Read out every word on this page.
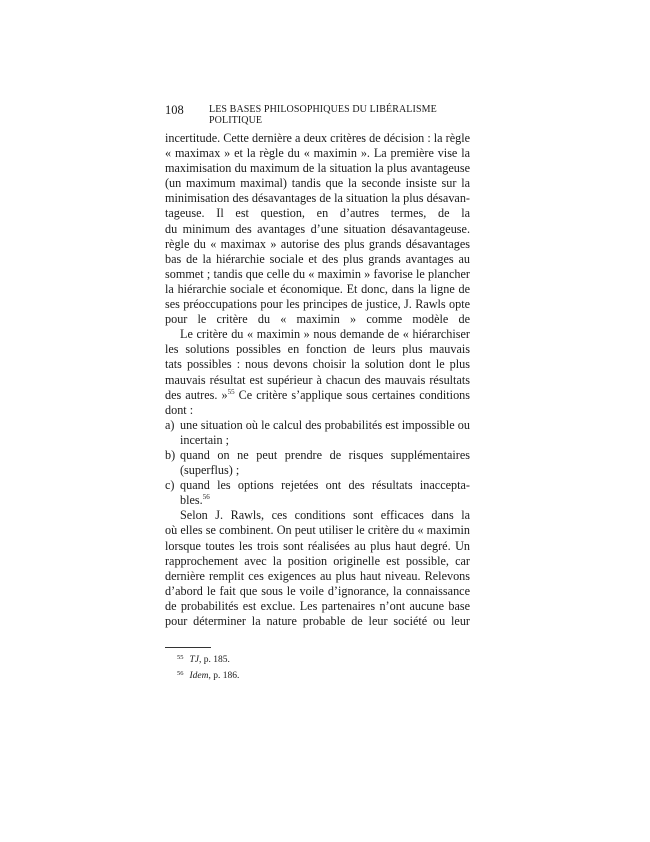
108	LES BASES PHILOSOPHIQUES DU LIBÉRALISME POLITIQUE
incertitude. Cette dernière a deux critères de décision : la règle
« maximax » et la règle du « maximin ». La première vise la
maximisation du maximum de la situation la plus avantageuse
(un maximum maximal) tandis que la seconde insiste sur la
minimisation des désavantages de la situation la plus désavan-
tageuse. Il est question, en d’autres termes, de la
du minimum des avantages d’une situation désavantageuse.
règle du « maximax » autorise des plus grands désavantages
bas de la hiérarchie sociale et des plus grands avantages au
sommet ; tandis que celle du « maximin » favorise le plancher
la hiérarchie sociale et économique. Et donc, dans la ligne de
ses préoccupations pour les principes de justice, J. Rawls opte
pour le critère du « maximin » comme modèle de
Le critère du « maximin » nous demande de « hiérarchiser
les solutions possibles en fonction de leurs plus mauvais
tats possibles : nous devons choisir la solution dont le plus
mauvais résultat est supérieur à chacun des mauvais résultats
des autres. »$^{55}$ Ce critère s’applique sous certaines conditions
dont :
a) une situation où le calcul des probabilités est impossible ou
incertain ;
b) quand on ne peut prendre de risques supplémentaires
(superflus) ;
c) quand les options rejetées ont des résultats inaccepta-
bles.$^{56}$
Selon J. Rawls, ces conditions sont efficaces dans la
où elles se combinent. On peut utiliser le critère du « maximin
lorsque toutes les trois sont réalisées au plus haut degré. Un
rapprochement avec la position originelle est possible, car
dernière remplit ces exigences au plus haut niveau. Relevons
d’abord le fait que sous le voile d’ignorance, la connaissance
de probabilités est exclue. Les partenaires n’ont aucune base
pour déterminer la nature probable de leur société ou leur
$^{55}$ TJ, p. 185.
$^{56}$ Idem, p. 186.
